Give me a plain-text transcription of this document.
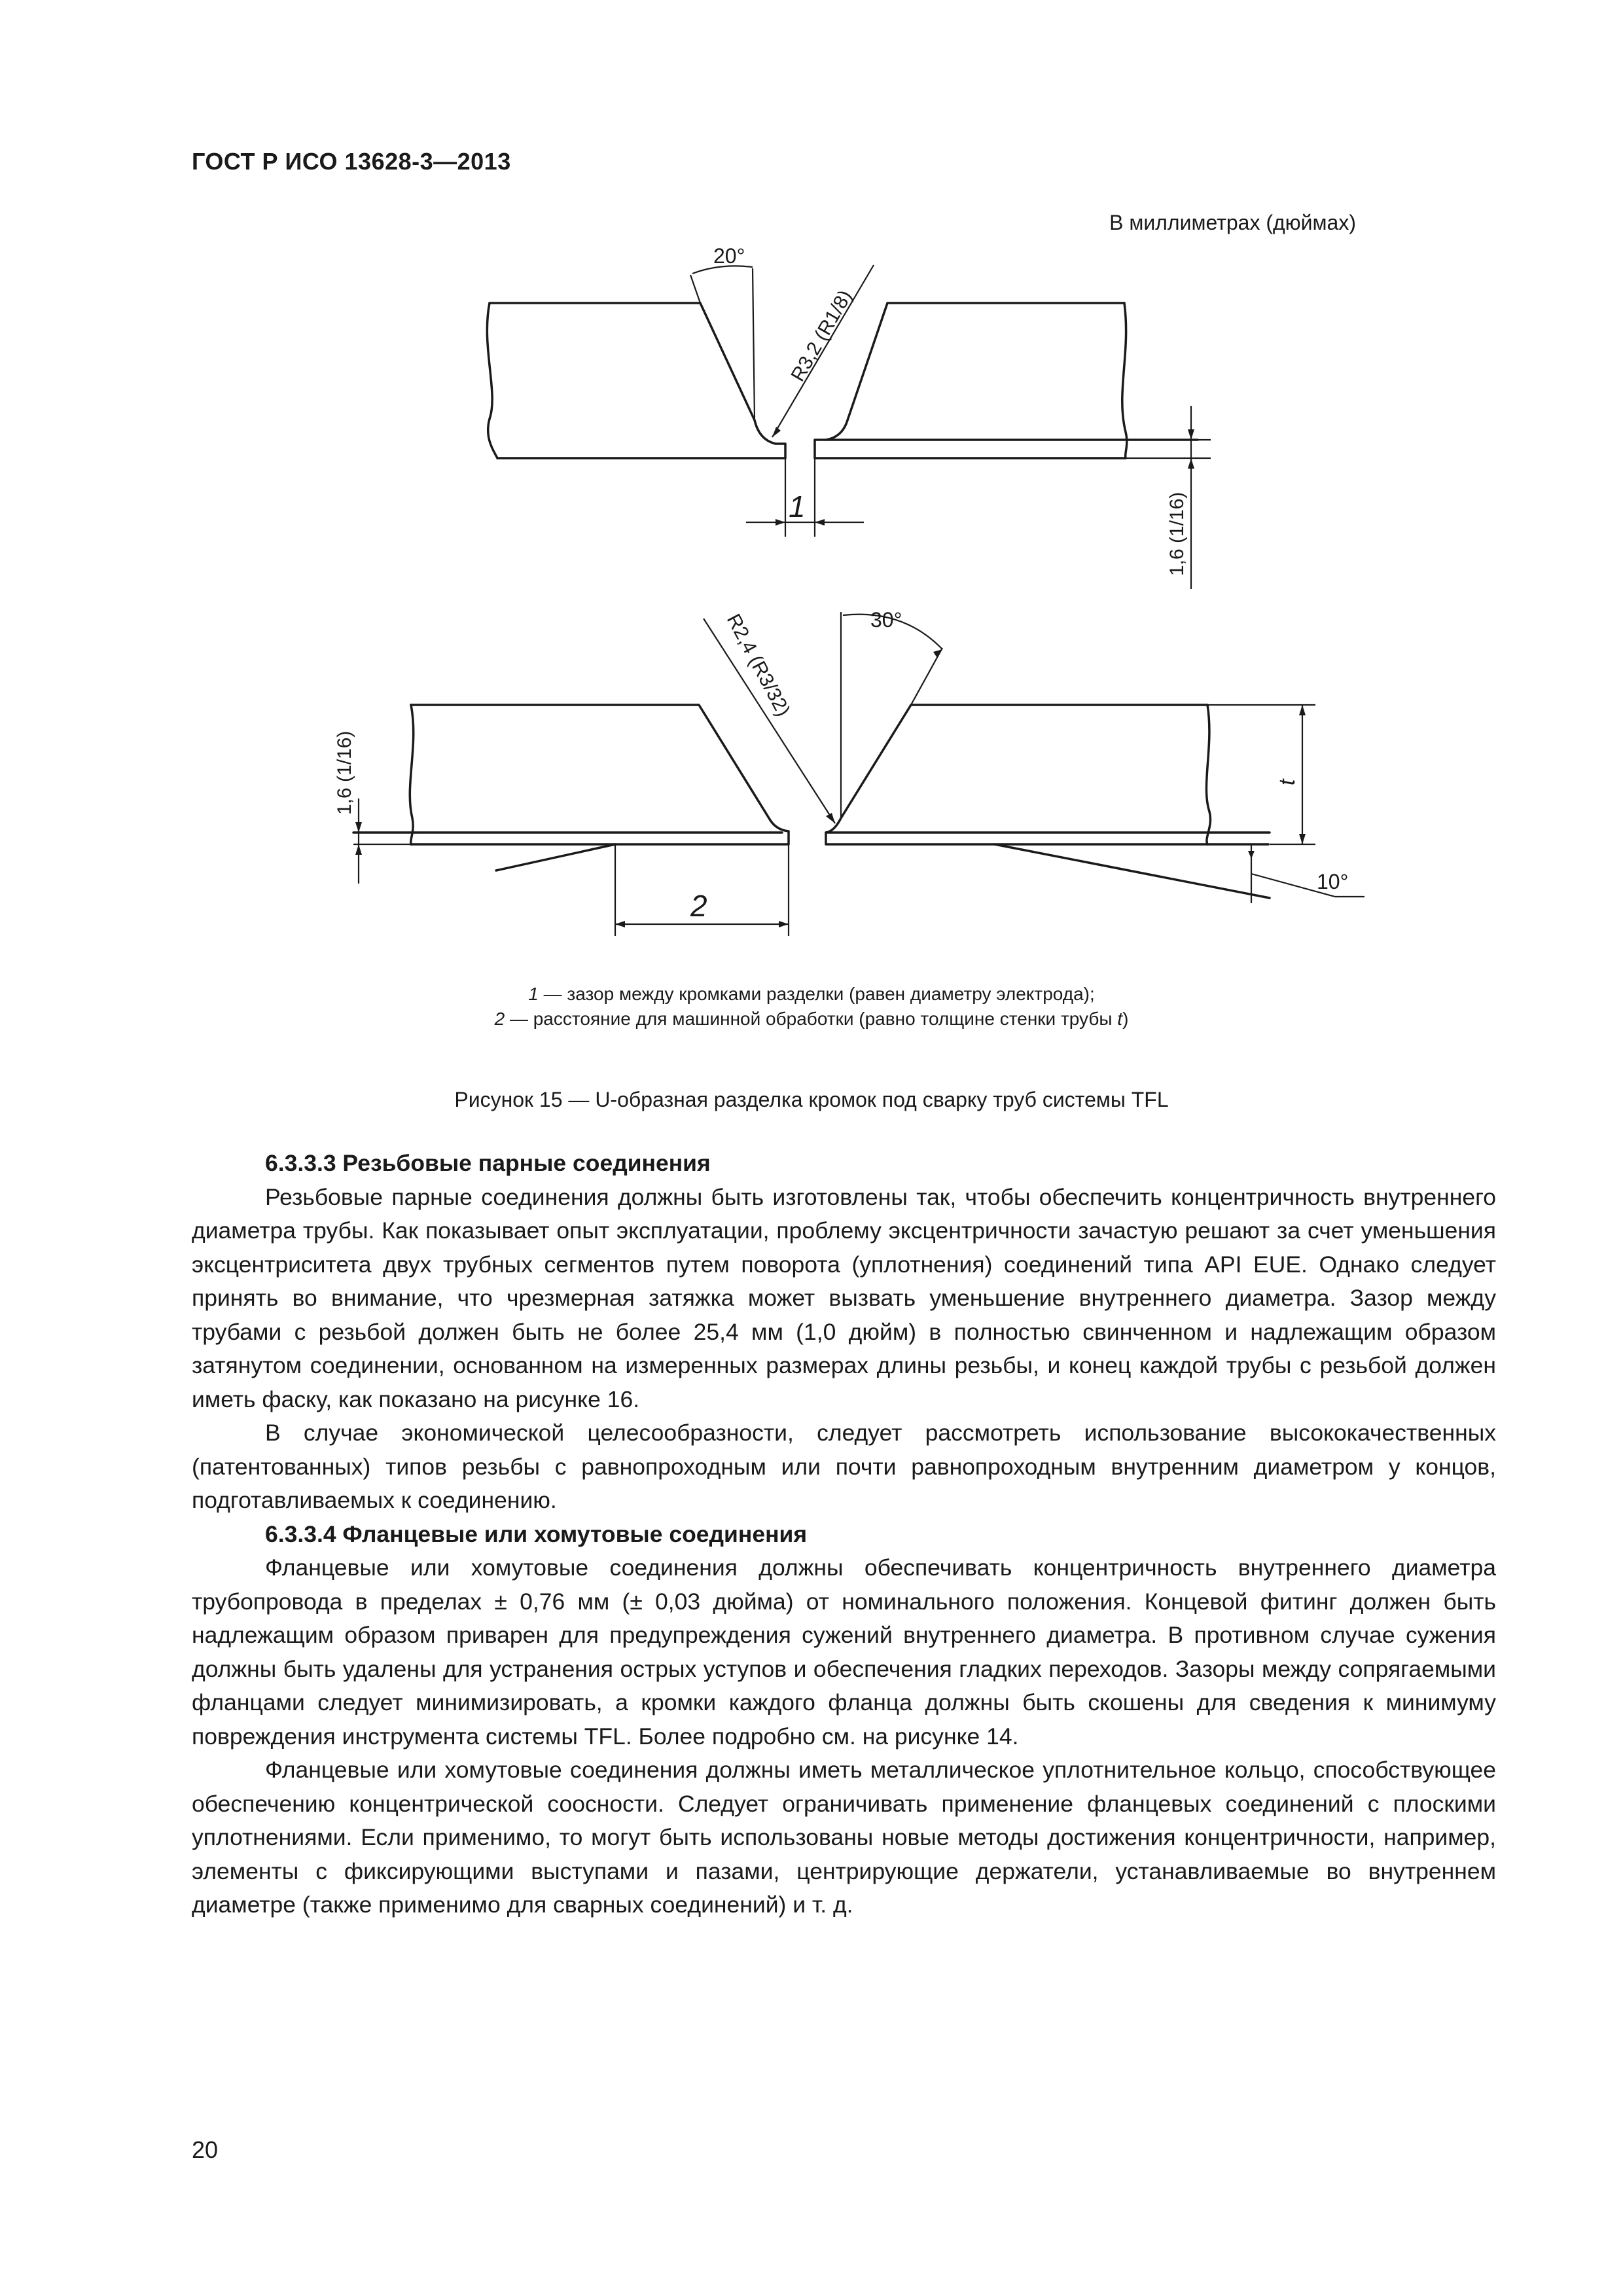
ГОСТ Р ИСО 13628-3—2013
В миллиметрах (дюймах)
20°
R3,2 (R1/8)
1	1,6 (1/16)
R2,4 (R3/32)	30°
1,6 (1/16)	t
10°
2
1 — зазор между кромками разделки (равен диаметру электрода);
2 — расстояние для машинной обработки (равно толщине стенки трубы t)
Рисунок 15 — U-образная разделка кромок под сварку труб системы TFL
6.3.3.3 Резьбовые парные соединения

Резьбовые парные соединения должны быть изготовлены так, чтобы обеспечить концентричность внутреннего диаметра трубы. Как показывает опыт эксплуатации, проблему эксцентричности зачастую решают за счет уменьшения эксцентриситета двух трубных сегментов путем поворота (уплотнения) соединений типа API EUE. Однако следует принять во внимание, что чрезмерная затяжка может вызвать уменьшение внутреннего диаметра. Зазор между трубами с резьбой должен быть не более 25,4 мм (1,0 дюйм) в полностью свинченном и надлежащим образом затянутом соединении, основанном на измеренных размерах длины резьбы, и конец каждой трубы с резьбой должен иметь фаску, как показано на рисунке 16.

В случае экономической целесообразности, следует рассмотреть использование высококачественных (патентованных) типов резьбы с равнопроходным или почти равнопроходным внутренним диаметром у концов, подготавливаемых к соединению.

6.3.3.4 Фланцевые или хомутовые соединения

Фланцевые или хомутовые соединения должны обеспечивать концентричность внутреннего диаметра трубопровода в пределах ± 0,76 мм (± 0,03 дюйма) от номинального положения. Концевой фитинг должен быть надлежащим образом приварен для предупреждения сужений внутреннего диаметра. В противном случае сужения должны быть удалены для устранения острых уступов и обеспечения гладких переходов. Зазоры между сопрягаемыми фланцами следует минимизировать, а кромки каждого фланца должны быть скошены для сведения к минимуму повреждения инструмента системы TFL. Более подробно см. на рисунке 14.

Фланцевые или хомутовые соединения должны иметь металлическое уплотнительное кольцо, способствующее обеспечению концентрической соосности. Следует ограничивать применение фланцевых соединений с плоскими уплотнениями. Если применимо, то могут быть использованы новые методы достижения концентричности, например, элементы с фиксирующими выступами и пазами, центрирующие держатели, устанавливаемые во внутреннем диаметре (также применимо для сварных соединений) и т. д.

20
